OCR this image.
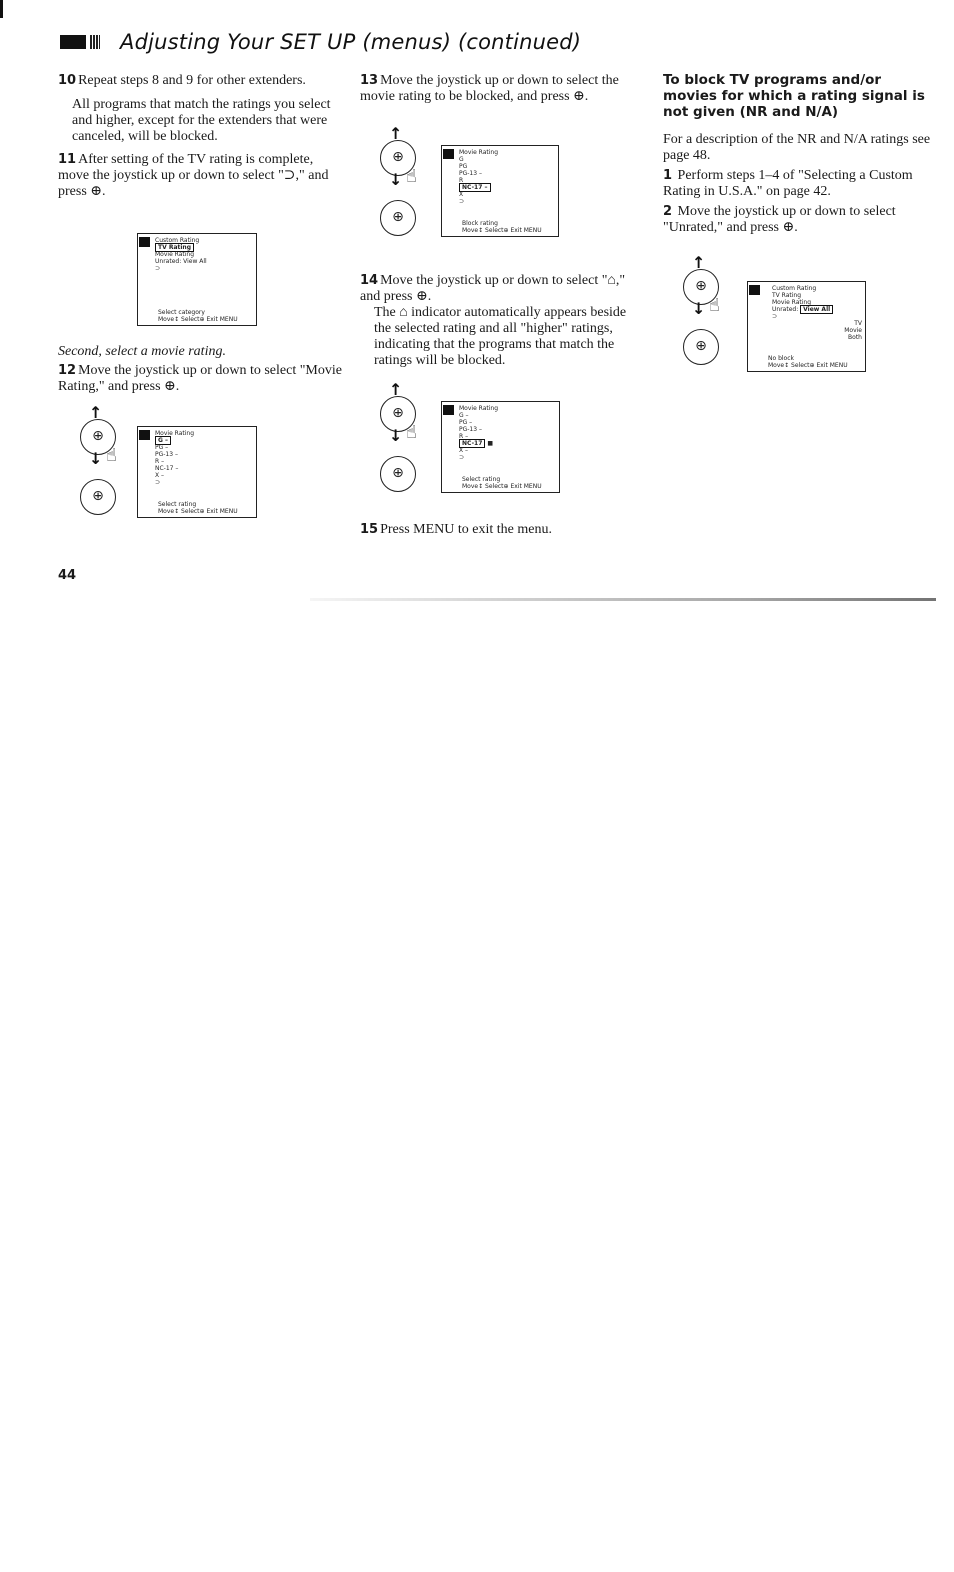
Adjusting Your SET UP (menus) (continued)

10 Repeat steps 8 and 9 for other extenders.

All programs that match the ratings you select and higher, except for the extenders that were canceled, will be blocked.

11 After setting of the TV rating is complete, move the joystick up or down to select "⊃," and press ⊕.

Custom Rating
TV Rating
Movie Rating
Unrated: View All
⊃
Select category
Move↕ Select⊕ Exit MENU
Second, select a movie rating.
12 Move the joystick up or down to select "Movie Rating," and press ⊕.
↑
⊕
↓ ☝
⊕
Movie Rating
G –
PG –
PG-13 –
R –
NC-17 –
X –
⊃
Select rating
Move↕ Select⊕ Exit MENU
13 Move the joystick up or down to select the movie rating to be blocked, and press ⊕.
↑
⊕
↓ ☝
⊕
Movie Rating
G
PG
PG-13 –
R
NC-17 –
X
⊃
Block rating
Move↕ Select⊕ Exit MENU

14 Move the joystick up or down to select "⌂," and press ⊕.

The ⌂ indicator automatically appears beside the selected rating and all "higher" ratings, indicating that the programs that match the ratings will be blocked.

↑
⊕
↓ ☝
⊕
Movie Rating
G –
PG –
PG-13 –
R –
NC-17 ■
X –
⊃
Select rating
Move↕ Select⊕ Exit MENU
15 Press MENU to exit the menu.
To block TV programs and/or movies for which a rating signal is not given (NR and N/A)

For a description of the NR and N/A ratings see page 48.

1 Perform steps 1–4 of "Selecting a Custom Rating in U.S.A." on page 42.

2 Move the joystick up or down to select "Unrated," and press ⊕.

↑
⊕
↓ ☝
⊕
Custom Rating
TV Rating
Movie Rating
Unrated: View All
⊃
TV
Movie
Both
No block
Move↕ Select⊕ Exit MENU
44
